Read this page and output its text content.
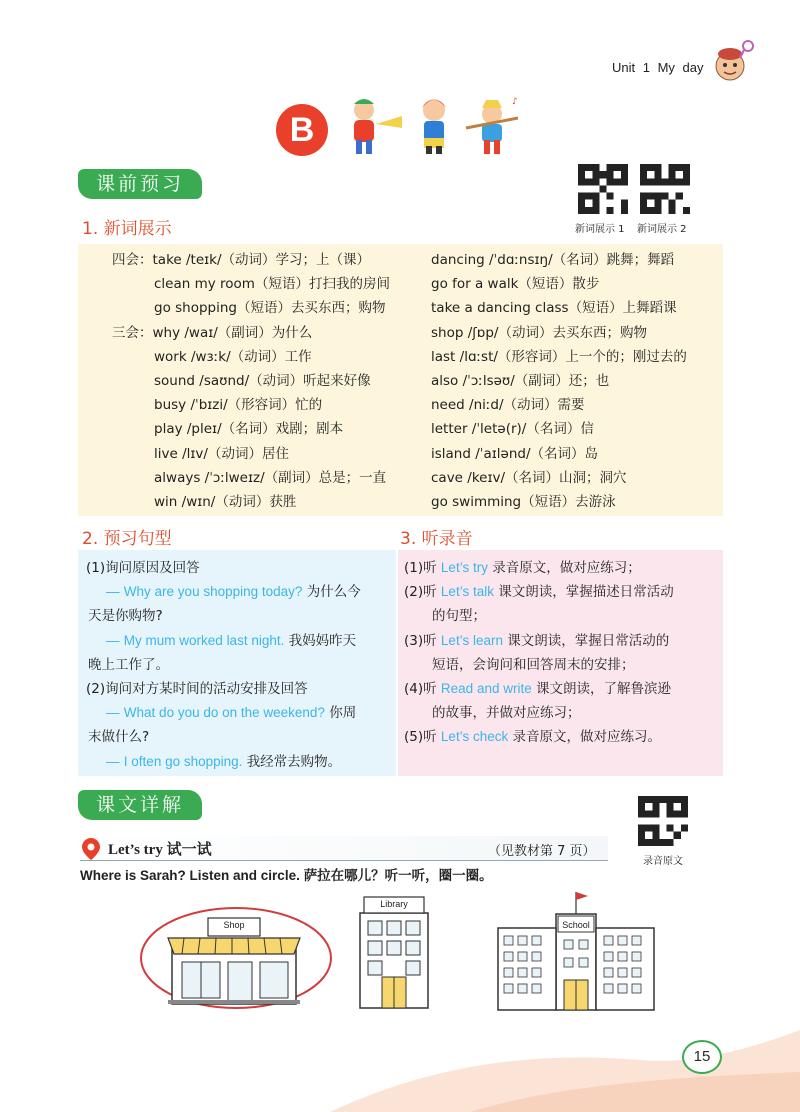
Unit 1 My day
B
♪
课前预习
新词展示 1 新词展示 2
1. 新词展示
四会：take /teɪk/（动词）学习；上（课）
clean my room（短语）打扫我的房间
go shopping（短语）去买东西；购物
三会：why /waɪ/（副词）为什么
work /wɜːk/（动词）工作
sound /saʊnd/（动词）听起来好像
busy /ˈbɪzi/（形容词）忙的
play /pleɪ/（名词）戏剧；剧本
live /lɪv/（动词）居住
always /ˈɔːlweɪz/（副词）总是；一直
win /wɪn/（动词）获胜
dancing /ˈdɑːnsɪŋ/（名词）跳舞；舞蹈
go for a walk（短语）散步
take a dancing class（短语）上舞蹈课
shop /ʃɒp/（动词）去买东西；购物
last /lɑːst/（形容词）上一个的；刚过去的
also /ˈɔːlsəʊ/（副词）还；也
need /niːd/（动词）需要
letter /ˈletə(r)/（名词）信
island /ˈaɪlənd/（名词）岛
cave /keɪv/（名词）山洞；洞穴
go swimming（短语）去游泳
2. 预习句型	3. 听录音
(1)询问原因及回答
— Why are you shopping today? 为什么今
天是你购物?
— My mum worked last night. 我妈妈昨天
晚上工作了。
(2)询问对方某时间的活动安排及回答
— What do you do on the weekend? 你周
末做什么?
— I often go shopping. 我经常去购物。
(1)听 Let’s try 录音原文，做对应练习；
(2)听 Let’s talk 课文朗读，掌握描述日常活动
的句型；
(3)听 Let’s learn 课文朗读，掌握日常活动的
短语，会询问和回答周末的安排；
(4)听 Read and write 课文朗读，了解鲁滨逊
的故事，并做对应练习；
(5)听 Let’s check 录音原文，做对应练习。
课文详解
录音原文
Let’s try 试一试	（见教材第 7 页）
Where is Sarah? Listen and circle. 萨拉在哪儿？听一听，圈一圈。
Shop
Library
School
15
